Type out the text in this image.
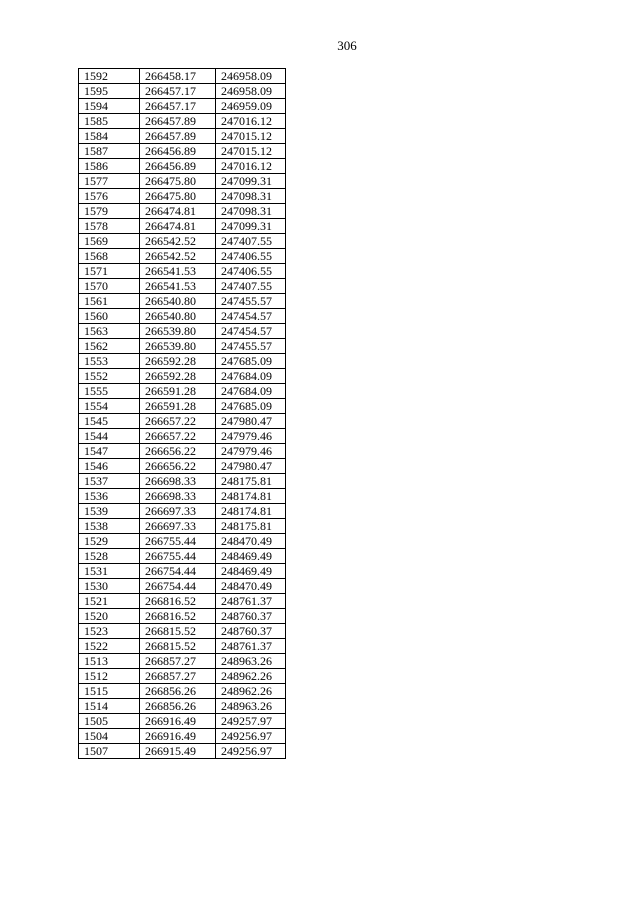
306
1592	266458.17	246958.09
1595	266457.17	246958.09
1594	266457.17	246959.09
1585	266457.89	247016.12
1584	266457.89	247015.12
1587	266456.89	247015.12
1586	266456.89	247016.12
1577	266475.80	247099.31
1576	266475.80	247098.31
1579	266474.81	247098.31
1578	266474.81	247099.31
1569	266542.52	247407.55
1568	266542.52	247406.55
1571	266541.53	247406.55
1570	266541.53	247407.55
1561	266540.80	247455.57
1560	266540.80	247454.57
1563	266539.80	247454.57
1562	266539.80	247455.57
1553	266592.28	247685.09
1552	266592.28	247684.09
1555	266591.28	247684.09
1554	266591.28	247685.09
1545	266657.22	247980.47
1544	266657.22	247979.46
1547	266656.22	247979.46
1546	266656.22	247980.47
1537	266698.33	248175.81
1536	266698.33	248174.81
1539	266697.33	248174.81
1538	266697.33	248175.81
1529	266755.44	248470.49
1528	266755.44	248469.49
1531	266754.44	248469.49
1530	266754.44	248470.49
1521	266816.52	248761.37
1520	266816.52	248760.37
1523	266815.52	248760.37
1522	266815.52	248761.37
1513	266857.27	248963.26
1512	266857.27	248962.26
1515	266856.26	248962.26
1514	266856.26	248963.26
1505	266916.49	249257.97
1504	266916.49	249256.97
1507	266915.49	249256.97
